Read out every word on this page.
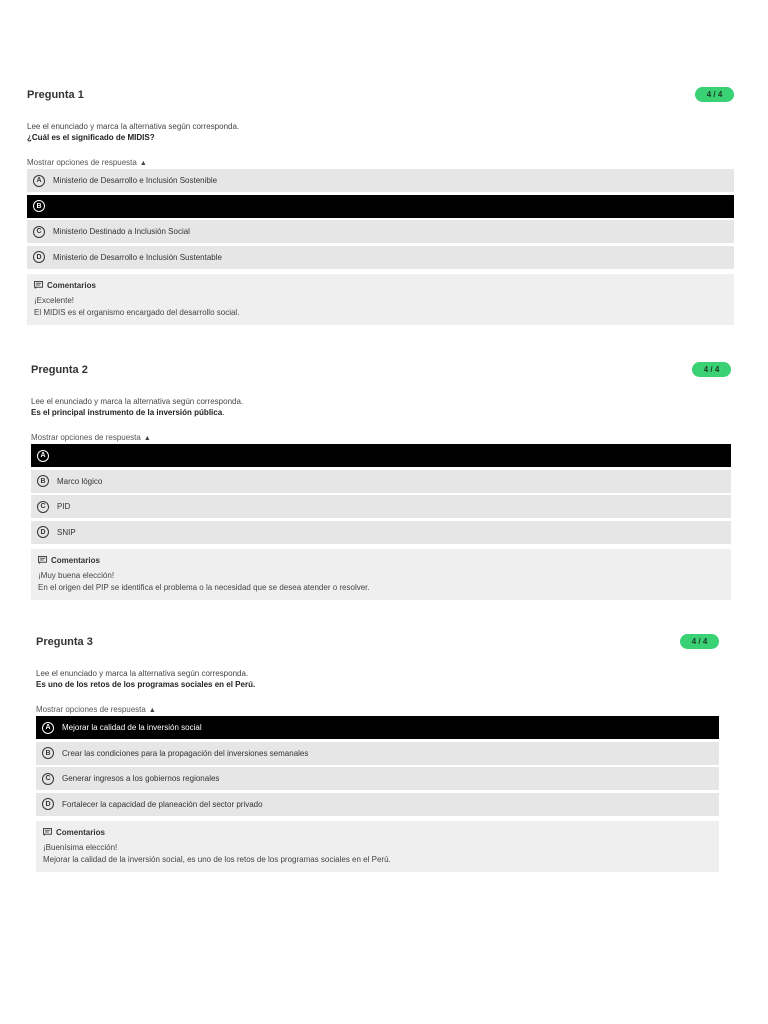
Pregunta 1	4 / 4
Lee el enunciado y marca la alternativa según corresponda.
¿Cuál es el significado de MIDIS?
Mostrar opciones de respuesta ▲
A	Ministerio de Desarrollo e Inclusión Sostenible
B
C	Ministerio Destinado a Inclusión Social
D	Ministerio de Desarrollo e Inclusión Sustentable
Comentarios
¡Excelente!
El MIDIS es el organismo encargado del desarrollo social.
Pregunta 2	4 / 4
Lee el enunciado y marca la alternativa según corresponda.
Es el principal instrumento de la inversión pública.
Mostrar opciones de respuesta ▲
A
B	Marco lógico
C	PID
D	SNIP
Comentarios
¡Muy buena elección!
En el origen del PIP se identifica el problema o la necesidad que se desea atender o resolver.
Pregunta 3	4 / 4
Lee el enunciado y marca la alternativa según corresponda.
Es uno de los retos de los programas sociales en el Perú.
Mostrar opciones de respuesta ▲
A	Mejorar la calidad de la inversión social
B	Crear las condiciones para la propagación del inversiones semanales
C	Generar ingresos a los gobiernos regionales
D	Fortalecer la capacidad de planeación del sector privado
Comentarios
¡Buenísima elección!
Mejorar la calidad de la inversión social, es uno de los retos de los programas sociales en el Perú.
